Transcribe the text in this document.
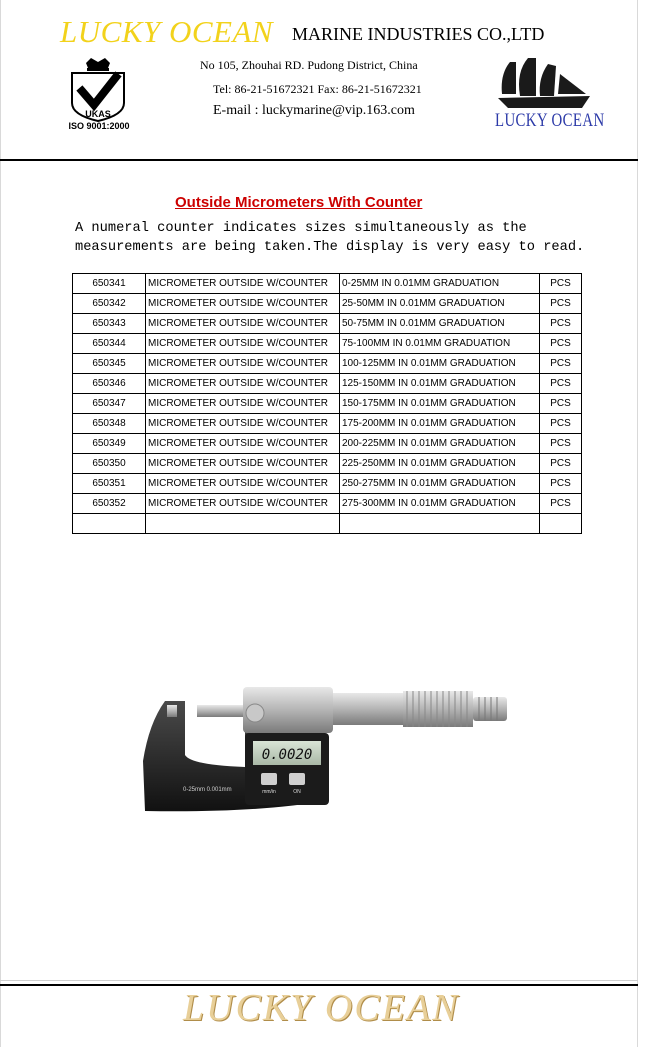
LUCKY OCEAN MARINE INDUSTRIES CO.,LTD
UKAS
ISO 9001:2000
No 105, Zhouhai RD. Pudong District, China
Tel: 86-21-51672321 Fax: 86-21-51672321
E-mail : luckymarine@vip.163.com	LUCKY OCEAN
Outside Micrometers With Counter
A numeral counter indicates sizes simultaneously as the measurements are being taken.The display is very easy to read.
650341	MICROMETER OUTSIDE W/COUNTER	0-25MM IN 0.01MM GRADUATION	PCS
650342	MICROMETER OUTSIDE W/COUNTER	25-50MM IN 0.01MM GRADUATION	PCS
650343	MICROMETER OUTSIDE W/COUNTER	50-75MM IN 0.01MM GRADUATION	PCS
650344	MICROMETER OUTSIDE W/COUNTER	75-100MM IN 0.01MM GRADUATION	PCS
650345	MICROMETER OUTSIDE W/COUNTER	100-125MM IN 0.01MM GRADUATION	PCS
650346	MICROMETER OUTSIDE W/COUNTER	125-150MM IN 0.01MM GRADUATION	PCS
650347	MICROMETER OUTSIDE W/COUNTER	150-175MM IN 0.01MM GRADUATION	PCS
650348	MICROMETER OUTSIDE W/COUNTER	175-200MM IN 0.01MM GRADUATION	PCS
650349	MICROMETER OUTSIDE W/COUNTER	200-225MM IN 0.01MM GRADUATION	PCS
650350	MICROMETER OUTSIDE W/COUNTER	225-250MM IN 0.01MM GRADUATION	PCS
650351	MICROMETER OUTSIDE W/COUNTER	250-275MM IN 0.01MM GRADUATION	PCS
650352	MICROMETER OUTSIDE W/COUNTER	275-300MM IN 0.01MM GRADUATION	PCS

0-25mm 0.001mm
0.0020
mm/in	ON
LUCKY OCEAN
